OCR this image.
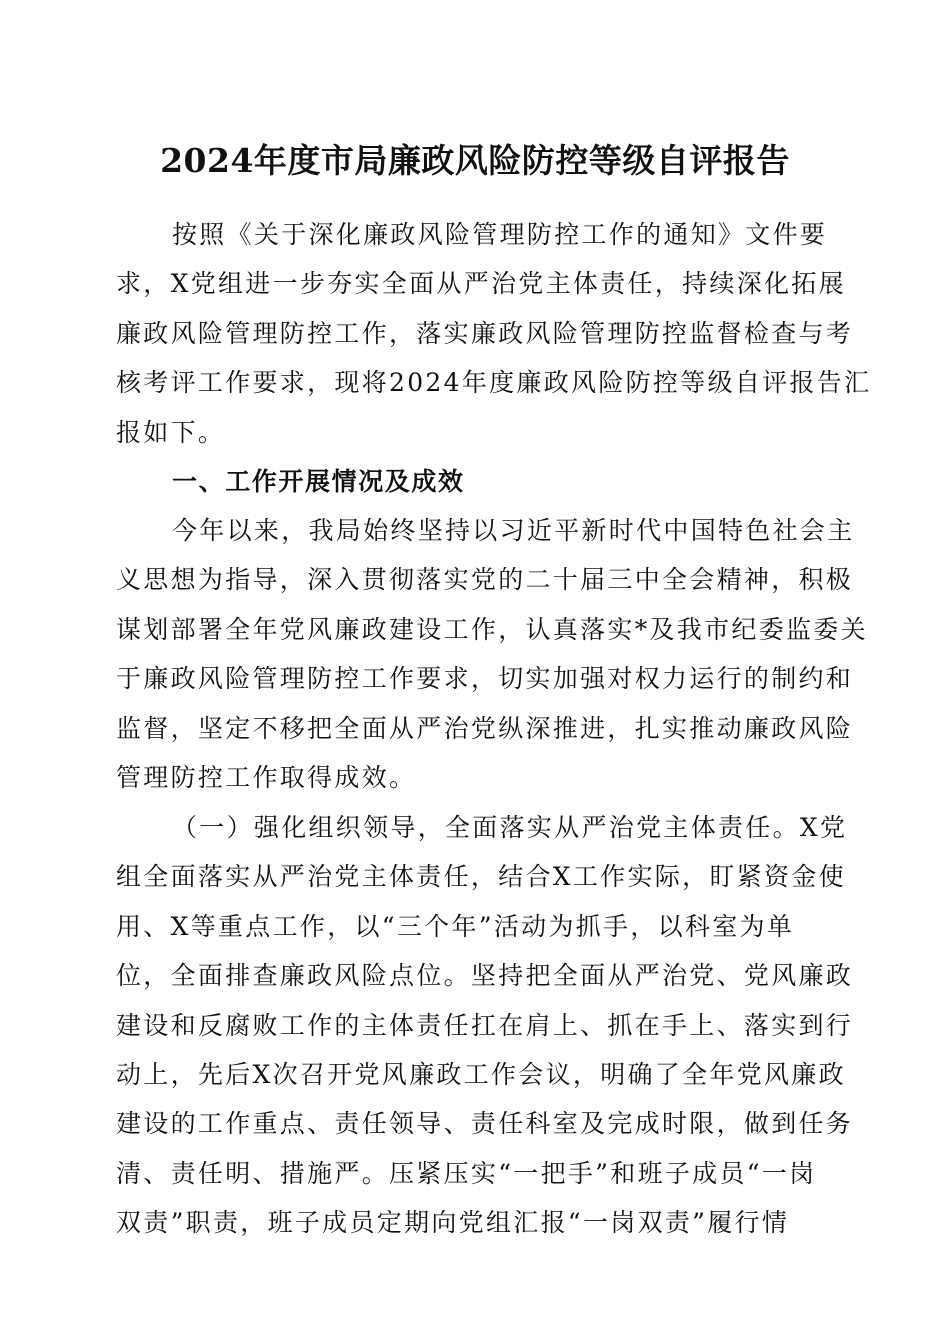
2024年度市局廉政风险防控等级自评报告
按照《关于深化廉政风险管理防控工作的通知》文件要
求，X党组进一步夯实全面从严治党主体责任，持续深化拓展
廉政风险管理防控工作，落实廉政风险管理防控监督检查与考
核考评工作要求，现将2024年度廉政风险防控等级自评报告汇
报如下。
一、工作开展情况及成效
今年以来，我局始终坚持以习近平新时代中国特色社会主
义思想为指导，深入贯彻落实党的二十届三中全会精神，积极
谋划部署全年党风廉政建设工作，认真落实*及我市纪委监委关
于廉政风险管理防控工作要求，切实加强对权力运行的制约和
监督，坚定不移把全面从严治党纵深推进，扎实推动廉政风险
管理防控工作取得成效。
（一）强化组织领导，全面落实从严治党主体责任。X党
组全面落实从严治党主体责任，结合X工作实际，盯紧资金使
用、X等重点工作，以“三个年”活动为抓手，以科室为单
位，全面排查廉政风险点位。坚持把全面从严治党、党风廉政
建设和反腐败工作的主体责任扛在肩上、抓在手上、落实到行
动上，先后X次召开党风廉政工作会议，明确了全年党风廉政
建设的工作重点、责任领导、责任科室及完成时限，做到任务
清、责任明、措施严。压紧压实“一把手”和班子成员“一岗
双责”职责，班子成员定期向党组汇报“一岗双责”履行情
